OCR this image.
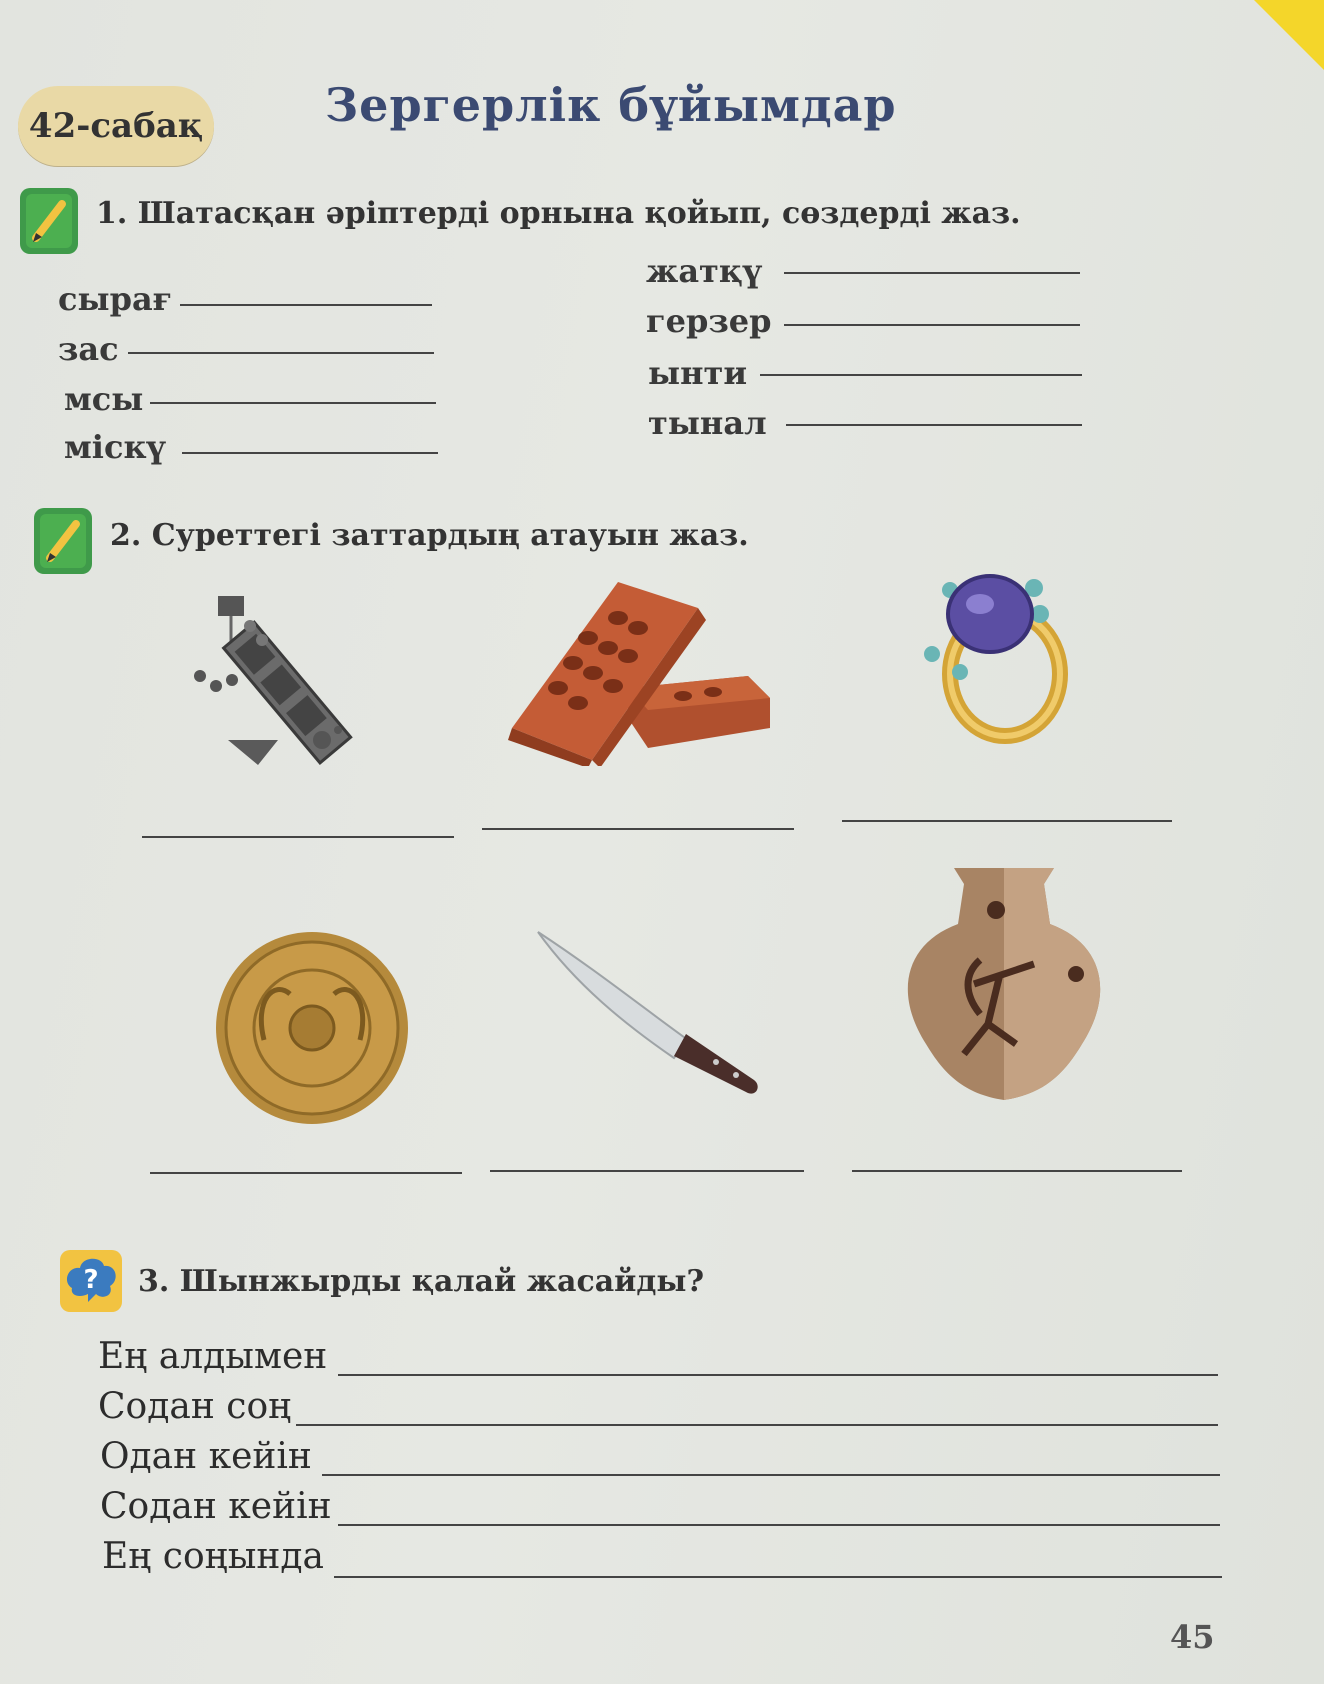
42-сабақ	Зергерлік бұйымдар
1. Шатасқан әріптерді орнына қойып, сөздерді жаз.
сырағ
зас
мсы
міскү
жатқү
герзер
ынти
тынал
2. Суреттегі заттардың атауын жаз.
? 3. Шынжырды қалай жасайды?
Ең алдымен
Содан соң
Одан кейін
Содан кейін
Ең соңында
45
